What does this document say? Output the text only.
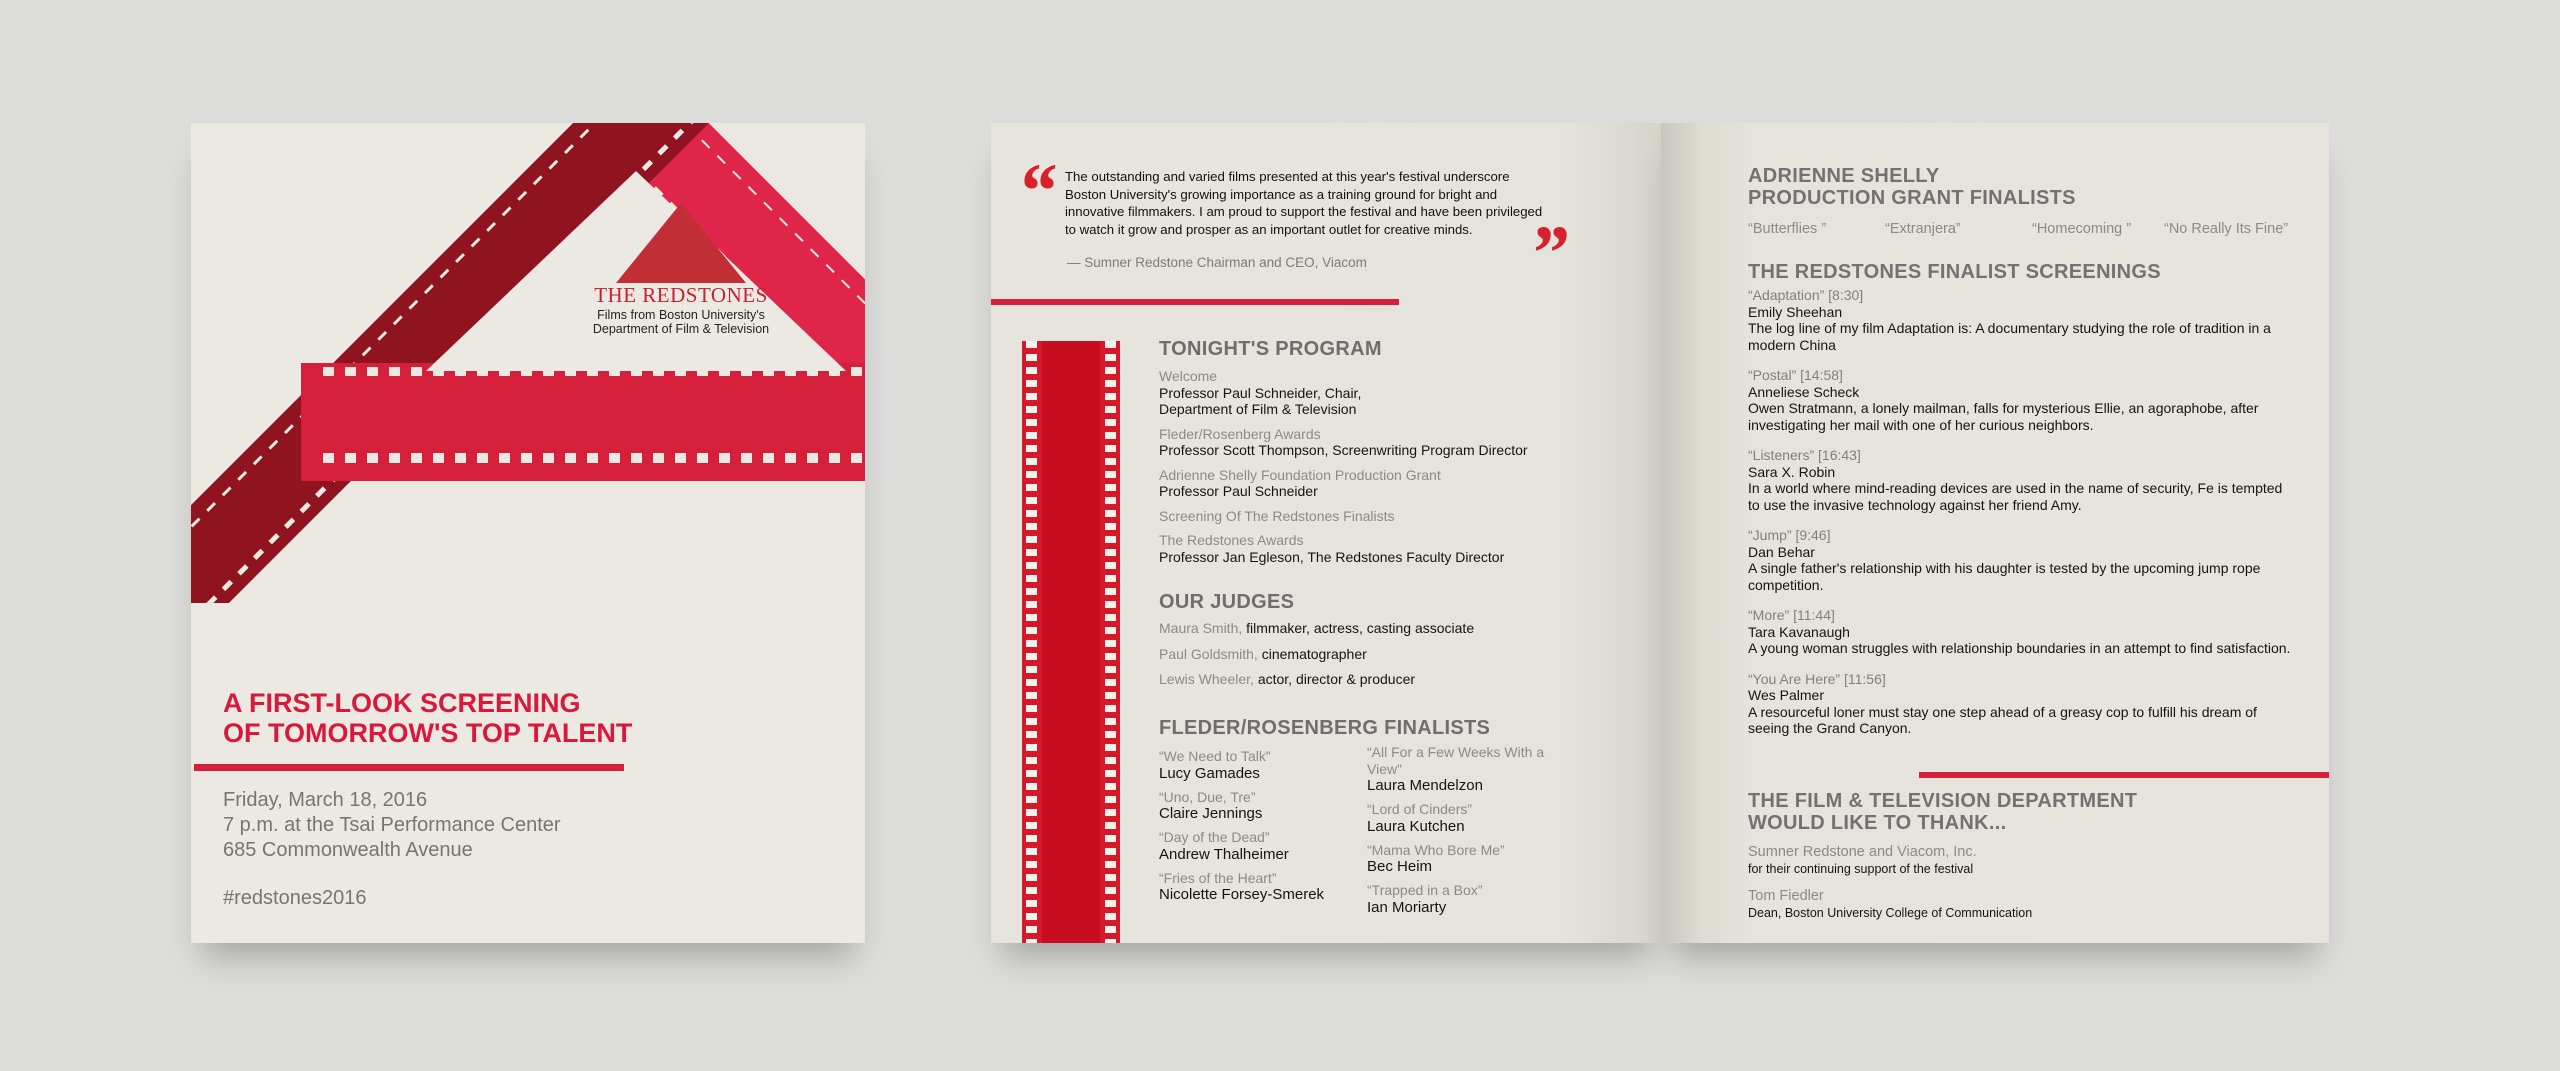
THE REDSTONES
Films from Boston University's
Department of Film & Television
A FIRST-LOOK SCREENING
OF TOMORROW'S TOP TALENT
Friday, March 18, 2016
7 p.m. at the Tsai Performance Center
685 Commonwealth Avenue
#redstones2016
“ The outstanding and varied films presented at this year's festival underscore Boston University's growing importance as a training ground for bright and innovative filmmakers. I am proud to support the festival and have been privileged to watch it grow and prosper as an important outlet for creative minds. ”
— Sumner Redstone Chairman and CEO, Viacom
TONIGHT'S PROGRAM
Welcome
Professor Paul Schneider, Chair,
Department of Film & Television
Fleder/Rosenberg Awards
Professor Scott Thompson, Screenwriting Program Director
Adrienne Shelly Foundation Production Grant
Professor Paul Schneider
Screening Of The Redstones Finalists
The Redstones Awards
Professor Jan Egleson, The Redstones Faculty Director
OUR JUDGES
Maura Smith, filmmaker, actress, casting associate
Paul Goldsmith, cinematographer
Lewis Wheeler, actor, director & producer
FLEDER/ROSENBERG FINALISTS
“We Need to Talk”
Lucy Gamades
“Uno, Due, Tre”
Claire Jennings
“Day of the Dead”
Andrew Thalheimer
“Fries of the Heart”
Nicolette Forsey-Smerek
“All For a Few Weeks With a View”
Laura Mendelzon
“Lord of Cinders”
Laura Kutchen
“Mama Who Bore Me”
Bec Heim
“Trapped in a Box”
Ian Moriarty
ADRIENNE SHELLY
PRODUCTION GRANT FINALISTS
“Butterflies ”	“Extranjera”	“Homecoming ” “No Really Its Fine”
THE REDSTONES FINALIST SCREENINGS
“Adaptation” [8:30]
Emily Sheehan
The log line of my film Adaptation is: A documentary studying the role of tradition in a modern China
“Postal” [14:58]
Anneliese Scheck
Owen Stratmann, a lonely mailman, falls for mysterious Ellie, an agoraphobe, after investigating her mail with one of her curious neighbors.
“Listeners” [16:43]
Sara X. Robin
In a world where mind-reading devices are used in the name of security, Fe is tempted to use the invasive technology against her friend Amy.
“Jump” [9:46]
Dan Behar
A single father's relationship with his daughter is tested by the upcoming jump rope competition.
“More” [11:44]
Tara Kavanaugh
A young woman struggles with relationship boundaries in an attempt to find satisfaction.
“You Are Here” [11:56]
Wes Palmer
A resourceful loner must stay one step ahead of a greasy cop to fulfill his dream of seeing the Grand Canyon.
THE FILM & TELEVISION DEPARTMENT
WOULD LIKE TO THANK...
Sumner Redstone and Viacom, Inc.
for their continuing support of the festival
Tom Fiedler
Dean, Boston University College of Communication
